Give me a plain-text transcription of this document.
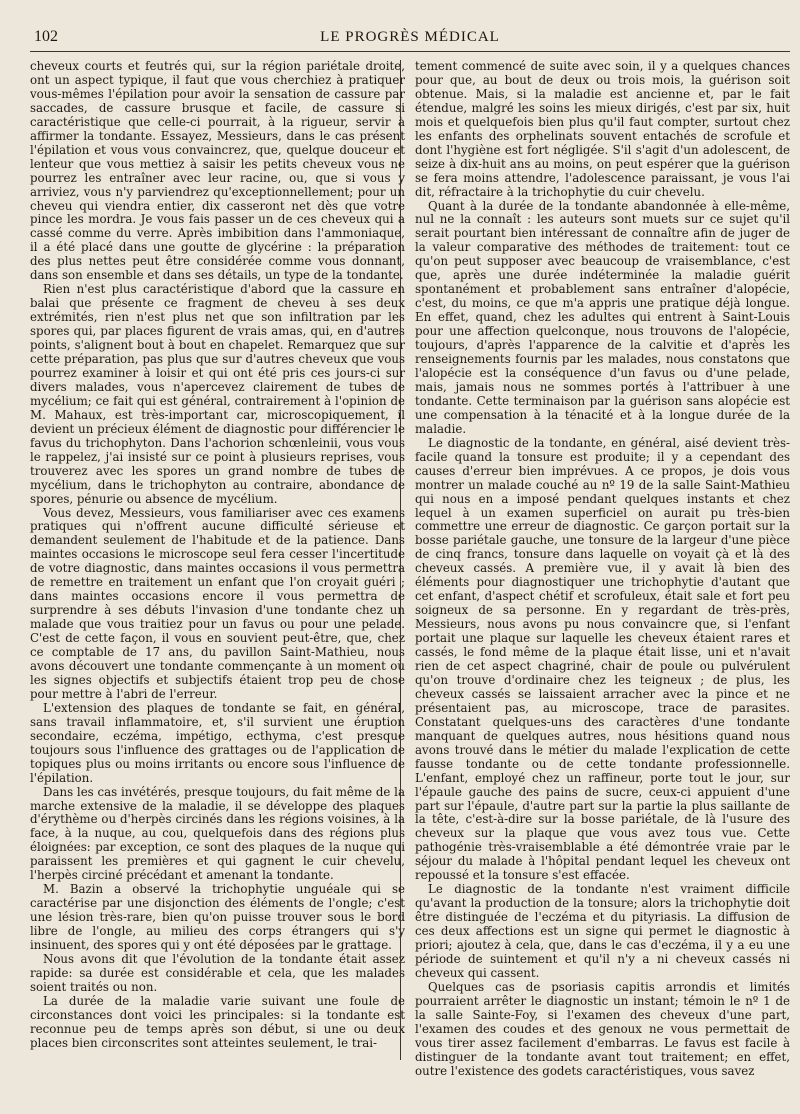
102	LE PROGRÈS MÉDICAL

cheveux courts et feutrés qui, sur la région pariétale droite, ont un aspect typique, il faut que vous cherchiez à pratiquer vous-mêmes l'épilation pour avoir la sensation de cassure par saccades, de cassure brusque et facile, de cassure si caractéristique que celle-ci pourrait, à la rigueur, servir à affirmer la tondante. Essayez, Messieurs, dans le cas présent l'épilation et vous vous convaincrez, que, quelque douceur et lenteur que vous mettiez à saisir les petits cheveux vous ne pourrez les entraîner avec leur racine, ou, que si vous y arriviez, vous n'y parviendrez qu'exceptionnellement; pour un cheveu qui viendra entier, dix casseront net dès que votre pince les mordra. Je vous fais passer un de ces cheveux qui a cassé comme du verre. Après imbibition dans l'ammoniaque, il a été placé dans une goutte de glycérine : la préparation des plus nettes peut être considérée comme vous donnant, dans son ensemble et dans ses détails, un type de la tondante.

Rien n'est plus caractéristique d'abord que la cassure en balai que présente ce fragment de cheveu à ses deux extrémités, rien n'est plus net que son infiltration par les spores qui, par places figurent de vrais amas, qui, en d'autres points, s'alignent bout à bout en chapelet. Remarquez que sur cette préparation, pas plus que sur d'autres cheveux que vous pourrez examiner à loisir et qui ont été pris ces jours-ci sur divers malades, vous n'apercevez clairement de tubes de mycélium; ce fait qui est général, contrairement à l'opinion de M. Mahaux, est très-important car, microscopiquement, il devient un précieux élément de diagnostic pour différencier le favus du trichophyton. Dans l'achorion schœnleinii, vous vous le rappelez, j'ai insisté sur ce point à plusieurs reprises, vous trouverez avec les spores un grand nombre de tubes de mycélium, dans le trichophyton au contraire, abondance de spores, pénurie ou absence de mycélium.

Vous devez, Messieurs, vous familiariser avec ces examens pratiques qui n'offrent aucune difficulté sérieuse et demandent seulement de l'habitude et de la patience. Dans maintes occasions le microscope seul fera cesser l'incertitude de votre diagnostic, dans maintes occasions il vous permettra de remettre en traitement un enfant que l'on croyait guéri ; dans maintes occasions encore il vous permettra de surprendre à ses débuts l'invasion d'une tondante chez un malade que vous traitiez pour un favus ou pour une pelade. C'est de cette façon, il vous en souvient peut-être, que, chez ce comptable de 17 ans, du pavillon Saint-Mathieu, nous avons découvert une tondante commençante à un moment où les signes objectifs et subjectifs étaient trop peu de chose pour mettre à l'abri de l'erreur.

L'extension des plaques de tondante se fait, en général, sans travail inflammatoire, et, s'il survient une éruption secondaire, eczéma, impétigo, ecthyma, c'est presque toujours sous l'influence des grattages ou de l'application de topiques plus ou moins irritants ou encore sous l'influence de l'épilation.

Dans les cas invétérés, presque toujours, du fait même de la marche extensive de la maladie, il se développe des plaques d'érythème ou d'herpès circinés dans les régions voisines, à la face, à la nuque, au cou, quelquefois dans des régions plus éloignées: par exception, ce sont des plaques de la nuque qui paraissent les premières et qui gagnent le cuir chevelu, l'herpès circiné précédant et amenant la tondante.

M. Bazin a observé la trichophytie unguéale qui se caractérise par une disjonction des éléments de l'ongle; c'est une lésion très-rare, bien qu'on puisse trouver sous le bord libre de l'ongle, au milieu des corps étrangers qui s'y insinuent, des spores qui y ont été déposées par le grattage.

Nous avons dit que l'évolution de la tondante était assez rapide: sa durée est considérable et cela, que les malades soient traités ou non.

La durée de la maladie varie suivant une foule de circonstances dont voici les principales: si la tondante est reconnue peu de temps après son début, si une ou deux places bien circonscrites sont atteintes seulement, le trai-

tement commencé de suite avec soin, il y a quelques chances pour que, au bout de deux ou trois mois, la guérison soit obtenue. Mais, si la maladie est ancienne et, par le fait étendue, malgré les soins les mieux dirigés, c'est par six, huit mois et quelquefois bien plus qu'il faut compter, surtout chez les enfants des orphelinats souvent entachés de scrofule et dont l'hygiène est fort négligée. S'il s'agit d'un adolescent, de seize à dix-huit ans au moins, on peut espérer que la guérison se fera moins attendre, l'adolescence paraissant, je vous l'ai dit, réfractaire à la trichophytie du cuir chevelu.

Quant à la durée de la tondante abandonnée à elle-même, nul ne la connaît : les auteurs sont muets sur ce sujet qu'il serait pourtant bien intéressant de connaître afin de juger de la valeur comparative des méthodes de traitement: tout ce qu'on peut supposer avec beaucoup de vraisemblance, c'est que, après une durée indéterminée la maladie guérit spontanément et probablement sans entraîner d'alopécie, c'est, du moins, ce que m'a appris une pratique déjà longue. En effet, quand, chez les adultes qui entrent à Saint-Louis pour une affection quelconque, nous trouvons de l'alopécie, toujours, d'après l'apparence de la calvitie et d'après les renseignements fournis par les malades, nous constatons que l'alopécie est la conséquence d'un favus ou d'une pelade, mais, jamais nous ne sommes portés à l'attribuer à une tondante. Cette terminaison par la guérison sans alopécie est une compensation à la ténacité et à la longue durée de la maladie.

Le diagnostic de la tondante, en général, aisé devient très-facile quand la tonsure est produite; il y a cependant des causes d'erreur bien imprévues. A ce propos, je dois vous montrer un malade couché au nº 19 de la salle Saint-Mathieu qui nous en a imposé pendant quelques instants et chez lequel à un examen superficiel on aurait pu très-bien commettre une erreur de diagnostic. Ce garçon portait sur la bosse pariétale gauche, une tonsure de la largeur d'une pièce de cinq francs, tonsure dans laquelle on voyait çà et là des cheveux cassés. A première vue, il y avait là bien des éléments pour diagnostiquer une trichophytie d'autant que cet enfant, d'aspect chétif et scrofuleux, était sale et fort peu soigneux de sa personne. En y regardant de très-près, Messieurs, nous avons pu nous convaincre que, si l'enfant portait une plaque sur laquelle les cheveux étaient rares et cassés, le fond même de la plaque était lisse, uni et n'avait rien de cet aspect chagriné, chair de poule ou pulvérulent qu'on trouve d'ordinaire chez les teigneux ; de plus, les cheveux cassés se laissaient arracher avec la pince et ne présentaient pas, au microscope, trace de parasites. Constatant quelques-uns des caractères d'une tondante manquant de quelques autres, nous hésitions quand nous avons trouvé dans le métier du malade l'explication de cette fausse tondante ou de cette tondante professionnelle. L'enfant, employé chez un raffineur, porte tout le jour, sur l'épaule gauche des pains de sucre, ceux-ci appuient d'une part sur l'épaule, d'autre part sur la partie la plus saillante de la tête, c'est-à-dire sur la bosse pariétale, de là l'usure des cheveux sur la plaque que vous avez tous vue. Cette pathogénie très-vraisemblable a été démontrée vraie par le séjour du malade à l'hôpital pendant lequel les cheveux ont repoussé et la tonsure s'est effacée.

Le diagnostic de la tondante n'est vraiment difficile qu'avant la production de la tonsure; alors la trichophytie doit être distinguée de l'eczéma et du pityriasis. La diffusion de ces deux affections est un signe qui permet le diagnostic à priori; ajoutez à cela, que, dans le cas d'eczéma, il y a eu une période de suintement et qu'il n'y a ni cheveux cassés ni cheveux qui cassent.

Quelques cas de psoriasis capitis arrondis et limités pourraient arrêter le diagnostic un instant; témoin le nº 1 de la salle Sainte-Foy, si l'examen des cheveux d'une part, l'examen des coudes et des genoux ne vous permettait de vous tirer assez facilement d'embarras. Le favus est facile à distinguer de la tondante avant tout traitement; en effet, outre l'existence des godets caractéristiques, vous savez
